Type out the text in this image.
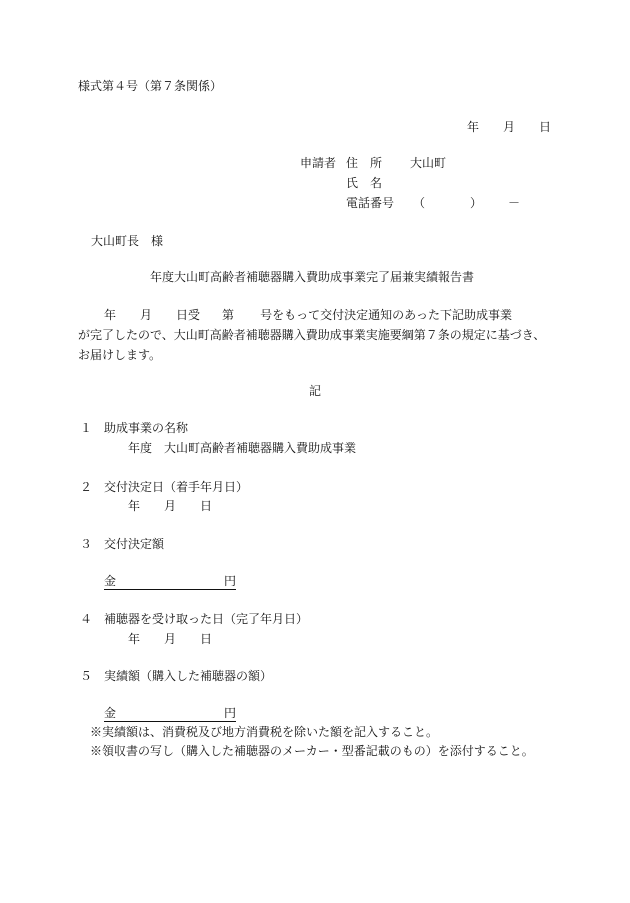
様式第４号（第７条関係）
年 月 日
申請者 住　所 大山町
氏　名
電話番号 （	） －
大山町長　様
年度大山町高齢者補聴器購入費助成事業完了届兼実績報告書
年 月 日受 第 号をもって交付決定通知のあった下記助成事業
が完了したので、大山町高齢者補聴器購入費助成事業実施要綱第７条の規定に基づき、
お届けします。
記
１ 助成事業の名称
年度 大山町高齢者補聴器購入費助成事業
２ 交付決定日（着手年月日）
年 月 日
３ 交付決定額
金	円
４ 補聴器を受け取った日（完了年月日）
年 月 日
５ 実績額（購入した補聴器の額）
金	円
※実績額は、消費税及び地方消費税を除いた額を記入すること。
※領収書の写し（購入した補聴器のメーカー・型番記載のもの）を添付すること。
